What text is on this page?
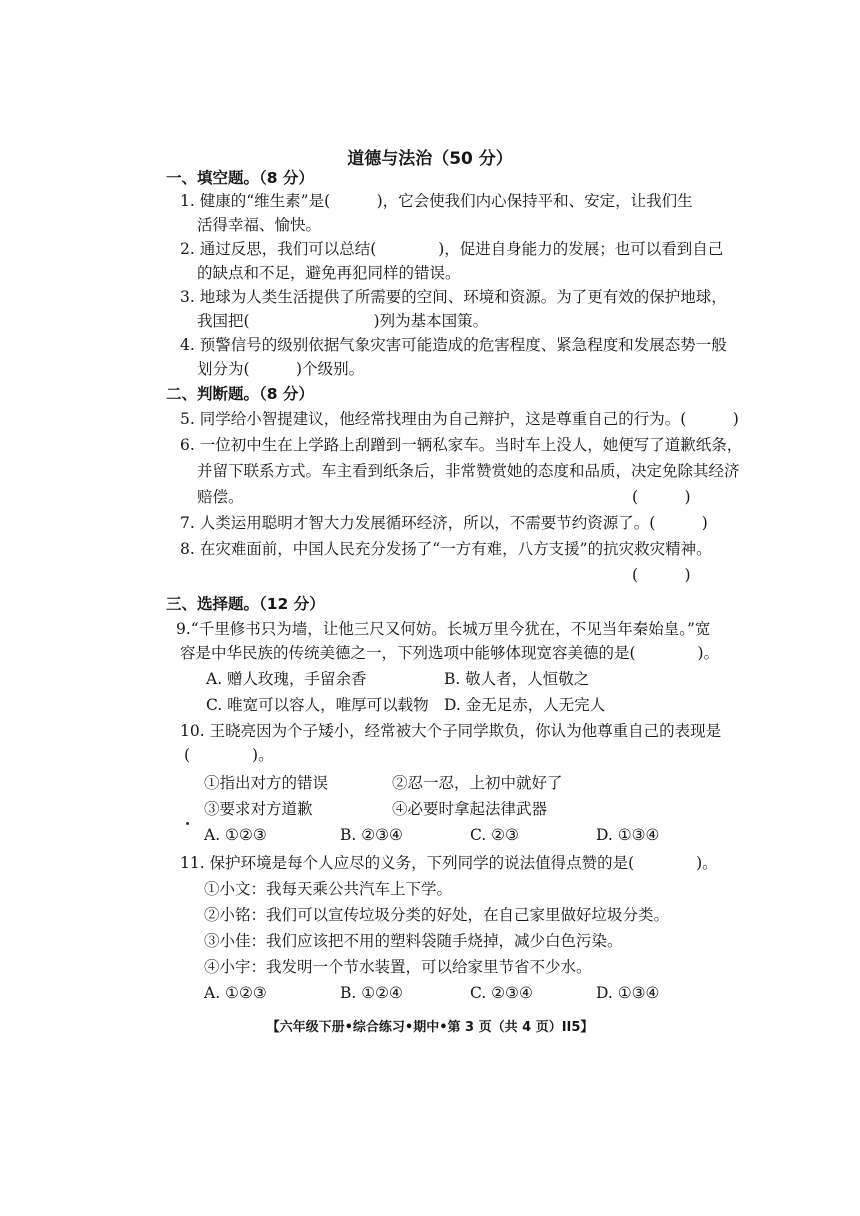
道德与法治（50 分）
一、填空题。（8 分）
1. 健康的“维生素”是(　　　)，它会使我们内心保持平和、安定，让我们生
活得幸福、愉快。
2. 通过反思，我们可以总结(　　　　)，促进自身能力的发展；也可以看到自己
的缺点和不足，避免再犯同样的错误。
3. 地球为人类生活提供了所需要的空间、环境和资源。为了更有效的保护地球，
我国把(　　　　　　　　)列为基本国策。
4. 预警信号的级别依据气象灾害可能造成的危害程度、紧急程度和发展态势一般
划分为(　　　)个级别。
二、判断题。（8 分）
5. 同学给小智提建议，他经常找理由为自己辩护，这是尊重自己的行为。(　　　)
6. 一位初中生在上学路上刮蹭到一辆私家车。当时车上没人，她便写了道歉纸条，
并留下联系方式。车主看到纸条后，非常赞赏她的态度和品质，决定免除其经济
赔偿。	(　　　)
7. 人类运用聪明才智大力发展循环经济，所以，不需要节约资源了。(　　　)
8. 在灾难面前，中国人民充分发扬了“一方有难，八方支援”的抗灾救灾精神。
(　　　)
三、选择题。（12 分）
9.“千里修书只为墙，让他三尺又何妨。长城万里今犹在，不见当年秦始皇。”宽
容是中华民族的传统美德之一，下列选项中能够体现宽容美德的是(　　　　)。
A. 赠人玫瑰，手留余香	B. 敬人者，人恒敬之
C. 唯宽可以容人，唯厚可以载物 D. 金无足赤，人无完人
10. 王晓亮因为个子矮小，经常被大个子同学欺负，你认为他尊重自己的表现是
(　　　　)。
①指出对方的错误	②忍一忍，上初中就好了
③要求对方道歉	④必要时拿起法律武器
A. ①②③	B. ②③④	C. ②③	D. ①③④
11. 保护环境是每个人应尽的义务，下列同学的说法值得点赞的是(　　　　)。
①小文：我每天乘公共汽车上下学。
②小铭：我们可以宣传垃圾分类的好处，在自己家里做好垃圾分类。
③小佳：我们应该把不用的塑料袋随手烧掉，减少白色污染。
④小宇：我发明一个节水装置，可以给家里节省不少水。
A. ①②③	B. ①②④	C. ②③④	D. ①③④
【六年级下册•综合练习•期中•第 3 页（共 4 页）II5】
